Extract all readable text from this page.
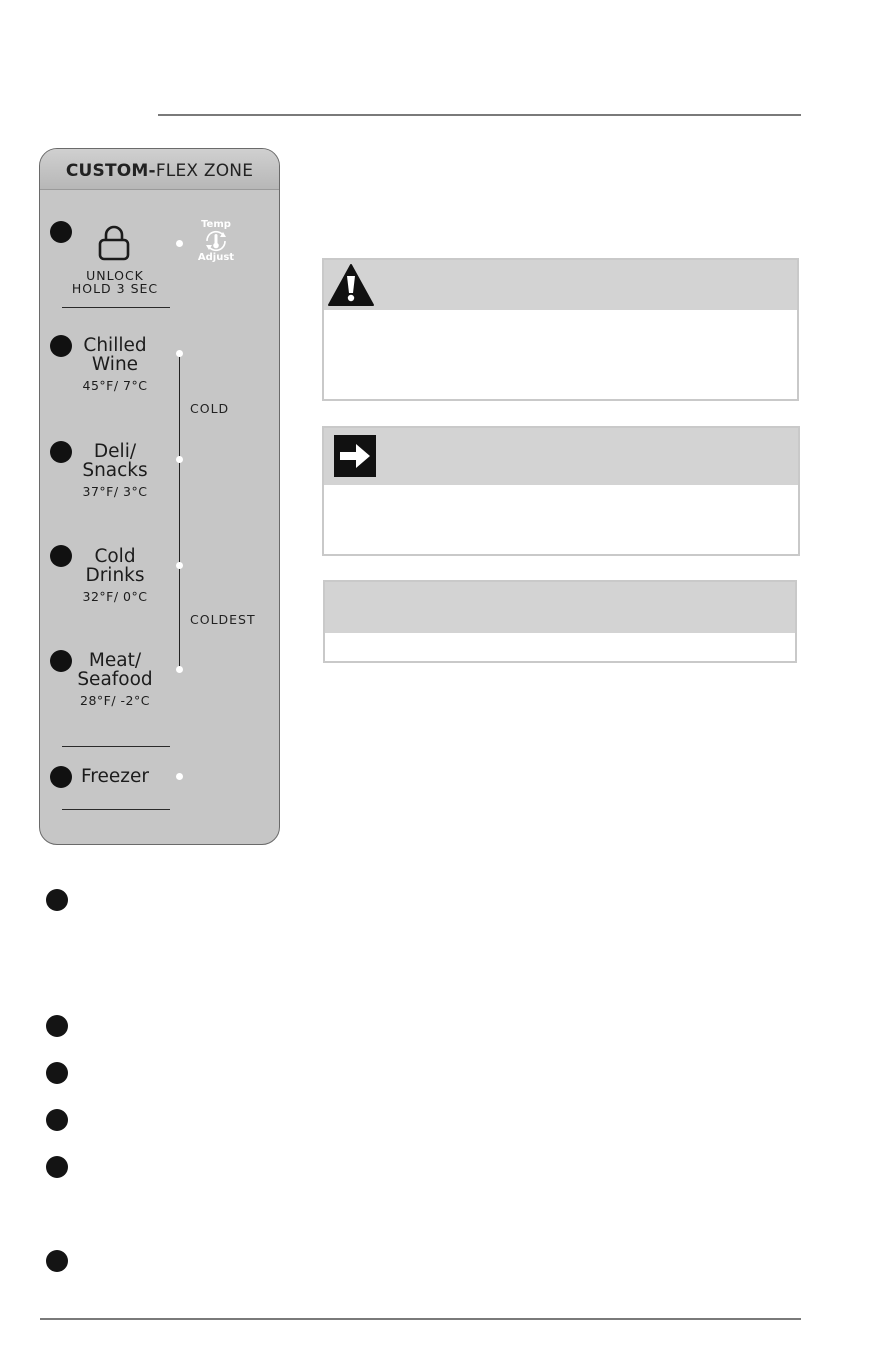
CUSTOM-FLEX ZONE
UNLOCK
HOLD 3 SEC
Temp
Adjust
COLD
COLDEST
Chilled
Wine
45°F/ 7°C
Deli/
Snacks
37°F/ 3°C
Cold
Drinks
32°F/ 0°C
Meat/
Seafood
28°F/ -2°C
Freezer
